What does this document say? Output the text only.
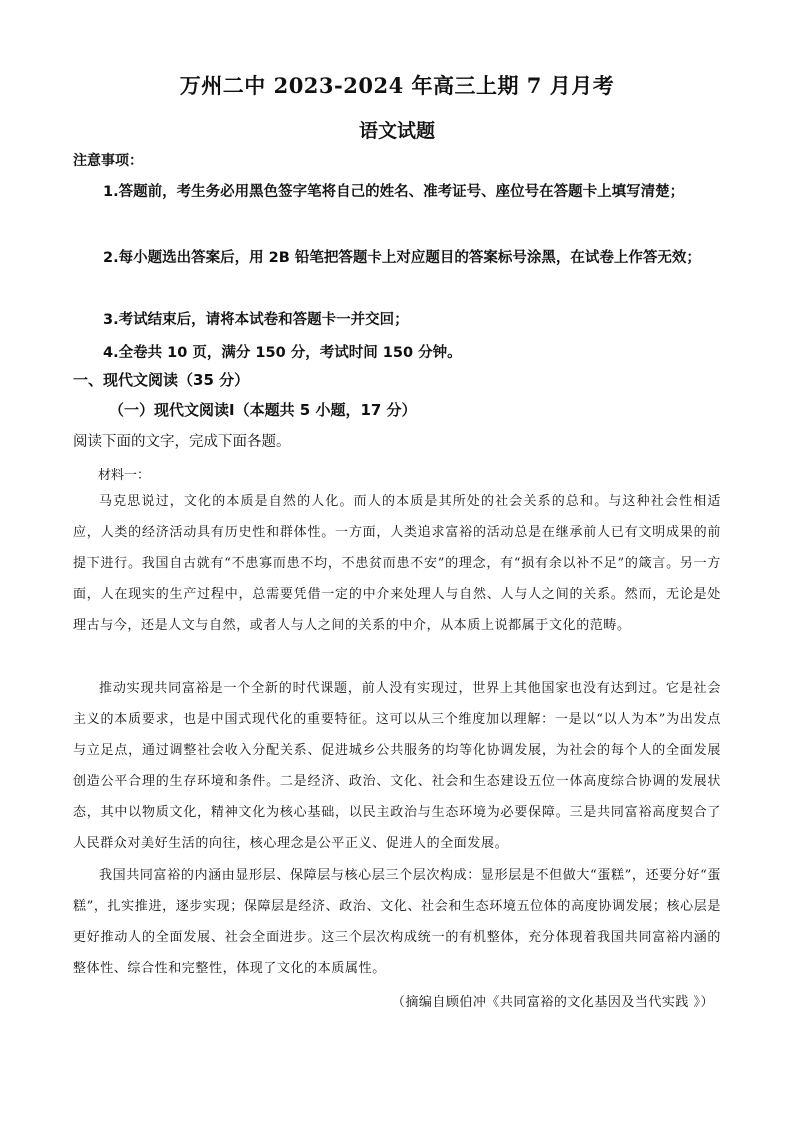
万州二中 2023-2024 年高三上期 7 月月考
语文试题
注意事项：
1.答题前，考生务必用黑色签字笔将自己的姓名、准考证号、座位号在答题卡上填写清楚；
2.每小题选出答案后，用 2B 铅笔把答题卡上对应题目的答案标号涂黑，在试卷上作答无效；
3.考试结束后，请将本试卷和答题卡一并交回；
4.全卷共 10 页，满分 150 分，考试时间 150 分钟。
一、现代文阅读（35 分）
（一）现代文阅读Ⅰ（本题共 5 小题，17 分）
阅读下面的文字，完成下面各题。
材料一：
马克思说过，文化的本质是自然的人化。而人的本质是其所处的社会关系的总和。与这种社会性相适应，人类的经济活动具有历史性和群体性。一方面，人类追求富裕的活动总是在继承前人已有文明成果的前提下进行。我国自古就有“不患寡而患不均，不患贫而患不安”的理念，有“损有余以补不足”的箴言。另一方面，人在现实的生产过程中，总需要凭借一定的中介来处理人与自然、人与人之间的关系。然而，无论是处理古与今，还是人文与自然，或者人与人之间的关系的中介，从本质上说都属于文化的范畴。
推动实现共同富裕是一个全新的时代课题，前人没有实现过，世界上其他国家也没有达到过。它是社会主义的本质要求，也是中国式现代化的重要特征。这可以从三个维度加以理解：一是以“以人为本”为出发点与立足点，通过调整社会收入分配关系、促进城乡公共服务的均等化协调发展，为社会的每个人的全面发展创造公平合理的生存环境和条件。二是经济、政治、文化、社会和生态建设五位一体高度综合协调的发展状态，其中以物质文化，精神文化为核心基础，以民主政治与生态环境为必要保障。三是共同富裕高度契合了人民群众对美好生活的向往，核心理念是公平正义、促进人的全面发展。
我国共同富裕的内涵由显形层、保障层与核心层三个层次构成：显形层是不但做大“蛋糕”，还要分好“蛋糕”，扎实推进，逐步实现；保障层是经济、政治、文化、社会和生态环境五位体的高度协调发展；核心层是更好推动人的全面发展、社会全面进步。这三个层次构成统一的有机整体，充分体现着我国共同富裕内涵的整体性、综合性和完整性，体现了文化的本质属性。
（摘编自顾伯冲《共同富裕的文化基因及当代实践 》）
